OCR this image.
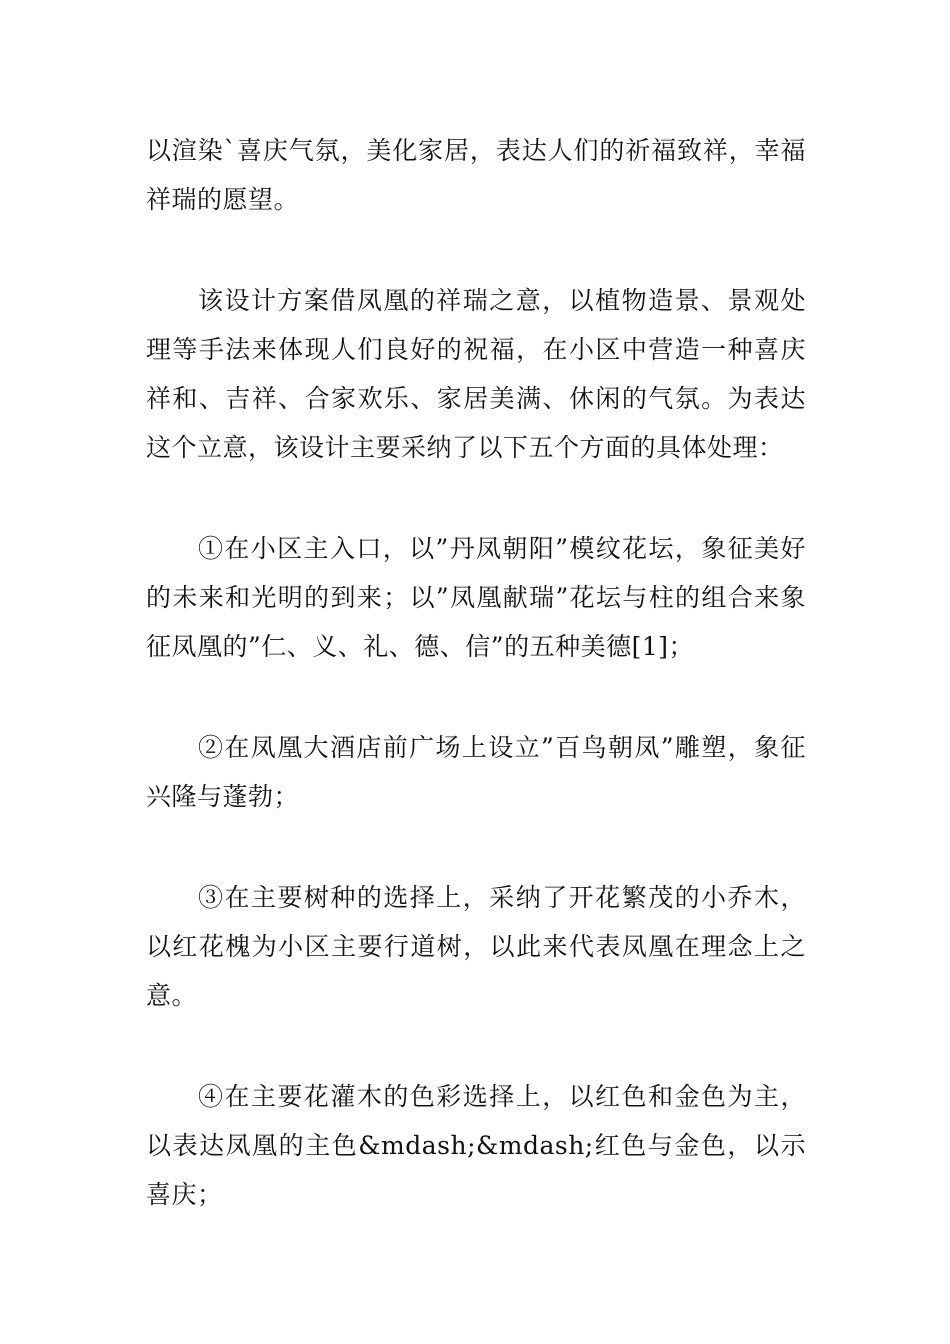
以渲染`喜庆气氛，美化家居，表达人们的祈福致祥，幸福祥瑞的愿望。

该设计方案借凤凰的祥瑞之意，以植物造景、景观处理等手法来体现人们良好的祝福，在小区中营造一种喜庆祥和、吉祥、合家欢乐、家居美满、休闲的气氛。为表达这个立意，该设计主要采纳了以下五个方面的具体处理：

①在小区主入口，以”丹凤朝阳”模纹花坛，象征美好的未来和光明的到来；以”凤凰献瑞”花坛与柱的组合来象征凤凰的”仁、义、礼、德、信”的五种美德[1]；

②在凤凰大酒店前广场上设立”百鸟朝凤”雕塑，象征兴隆与蓬勃；

③在主要树种的选择上，采纳了开花繁茂的小乔木，以红花槐为小区主要行道树，以此来代表凤凰在理念上之意。

④在主要花灌木的色彩选择上，以红色和金色为主，以表达凤凰的主色&mdash;&mdash;红色与金色，以示喜庆；
